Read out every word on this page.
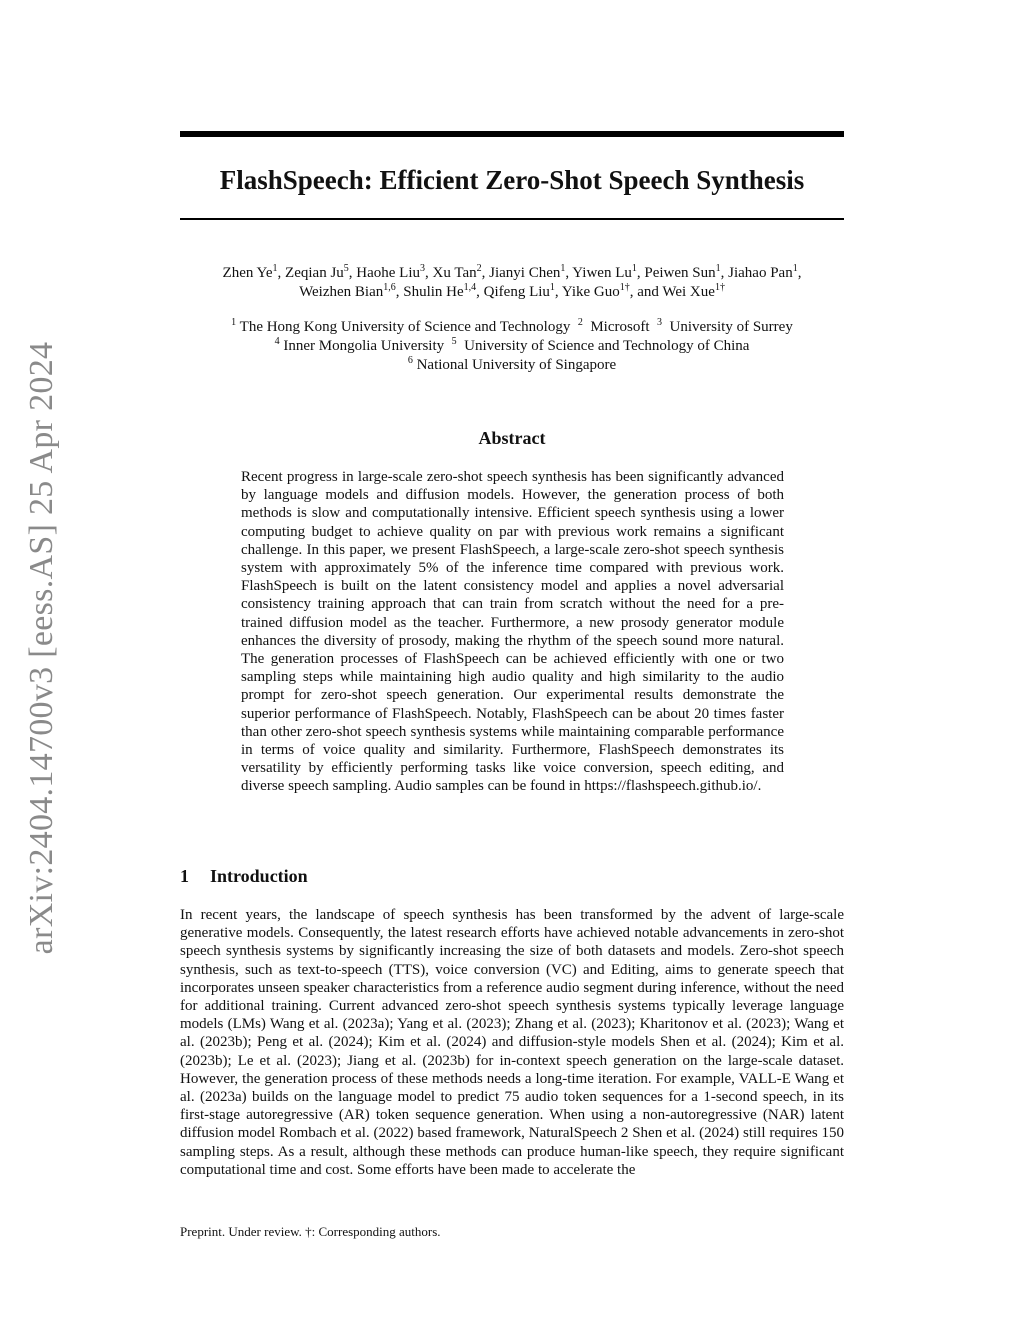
arXiv:2404.14700v3 [eess.AS] 25 Apr 2024
FlashSpeech: Efficient Zero-Shot Speech Synthesis
Zhen Ye$^1$, Zeqian Ju$^5$, Haohe Liu$^3$, Xu Tan$^2$, Jianyi Chen$^1$, Yiwen Lu$^1$, Peiwen Sun$^1$, Jiahao Pan$^1$,
Weizhen Bian$^{1,6}$, Shulin He$^{1,4}$, Qifeng Liu$^1$, Yike Guo$^{1\dagger}$, and Wei Xue$^{1\dagger}$
$^1$ The Hong Kong University of Science and Technology  $^2$  Microsoft  $^3$  University of Surrey
$^4$ Inner Mongolia University  $^5$  University of Science and Technology of China
$^6$ National University of Singapore
Abstract
Recent progress in large-scale zero-shot speech synthesis has been significantly advanced by language models and diffusion models. However, the generation process of both methods is slow and computationally intensive. Efficient speech synthesis using a lower computing budget to achieve quality on par with previous work remains a significant challenge. In this paper, we present FlashSpeech, a large-scale zero-shot speech synthesis system with approximately 5% of the inference time compared with previous work. FlashSpeech is built on the latent consistency model and applies a novel adversarial consistency training approach that can train from scratch without the need for a pre-trained diffusion model as the teacher. Furthermore, a new prosody generator module enhances the diversity of prosody, making the rhythm of the speech sound more natural. The generation processes of FlashSpeech can be achieved efficiently with one or two sampling steps while maintaining high audio quality and high similarity to the audio prompt for zero-shot speech generation. Our experimental results demonstrate the superior performance of FlashSpeech. Notably, FlashSpeech can be about 20 times faster than other zero-shot speech synthesis systems while maintaining comparable performance in terms of voice quality and similarity. Furthermore, FlashSpeech demonstrates its versatility by efficiently performing tasks like voice conversion, speech editing, and diverse speech sampling. Audio samples can be found in https://flashspeech.github.io/.
1 Introduction
In recent years, the landscape of speech synthesis has been transformed by the advent of large-scale generative models. Consequently, the latest research efforts have achieved notable advancements in zero-shot speech synthesis systems by significantly increasing the size of both datasets and models. Zero-shot speech synthesis, such as text-to-speech (TTS), voice conversion (VC) and Editing, aims to generate speech that incorporates unseen speaker characteristics from a reference audio segment during inference, without the need for additional training. Current advanced zero-shot speech synthesis systems typically leverage language models (LMs) Wang et al. (2023a); Yang et al. (2023); Zhang et al. (2023); Kharitonov et al. (2023); Wang et al. (2023b); Peng et al. (2024); Kim et al. (2024) and diffusion-style models Shen et al. (2024); Kim et al. (2023b); Le et al. (2023); Jiang et al. (2023b) for in-context speech generation on the large-scale dataset. However, the generation process of these methods needs a long-time iteration. For example, VALL-E Wang et al. (2023a) builds on the language model to predict 75 audio token sequences for a 1-second speech, in its first-stage autoregressive (AR) token sequence generation. When using a non-autoregressive (NAR) latent diffusion model Rombach et al. (2022) based framework, NaturalSpeech 2 Shen et al. (2024) still requires 150 sampling steps. As a result, although these methods can produce human-like speech, they require significant computational time and cost. Some efforts have been made to accelerate the
Preprint. Under review. †: Corresponding authors.
